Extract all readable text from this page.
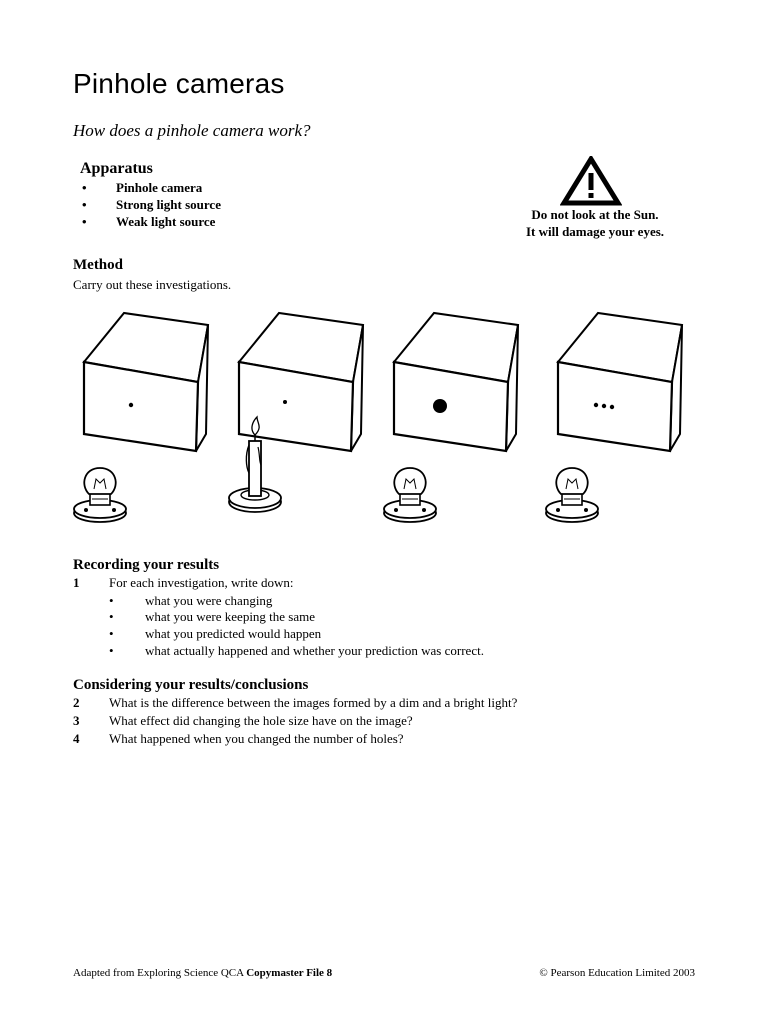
Pinhole cameras
How does a pinhole camera work?
Apparatus
• Pinhole camera
• Strong light source
• Weak light source	Do not look at the Sun.
It will damage your eyes.
Method
Carry out these investigations.
Recording your results
1 For each investigation, write down:
• what you were changing
• what you were keeping the same
• what you predicted would happen
• what actually happened and whether your prediction was correct.
Considering your results/conclusions
2 What is the difference between the images formed by a dim and a bright light?
3 What effect did changing the hole size have on the image?
4 What happened when you changed the number of holes?
Adapted from Exploring Science QCA Copymaster File 8	© Pearson Education Limited 2003
